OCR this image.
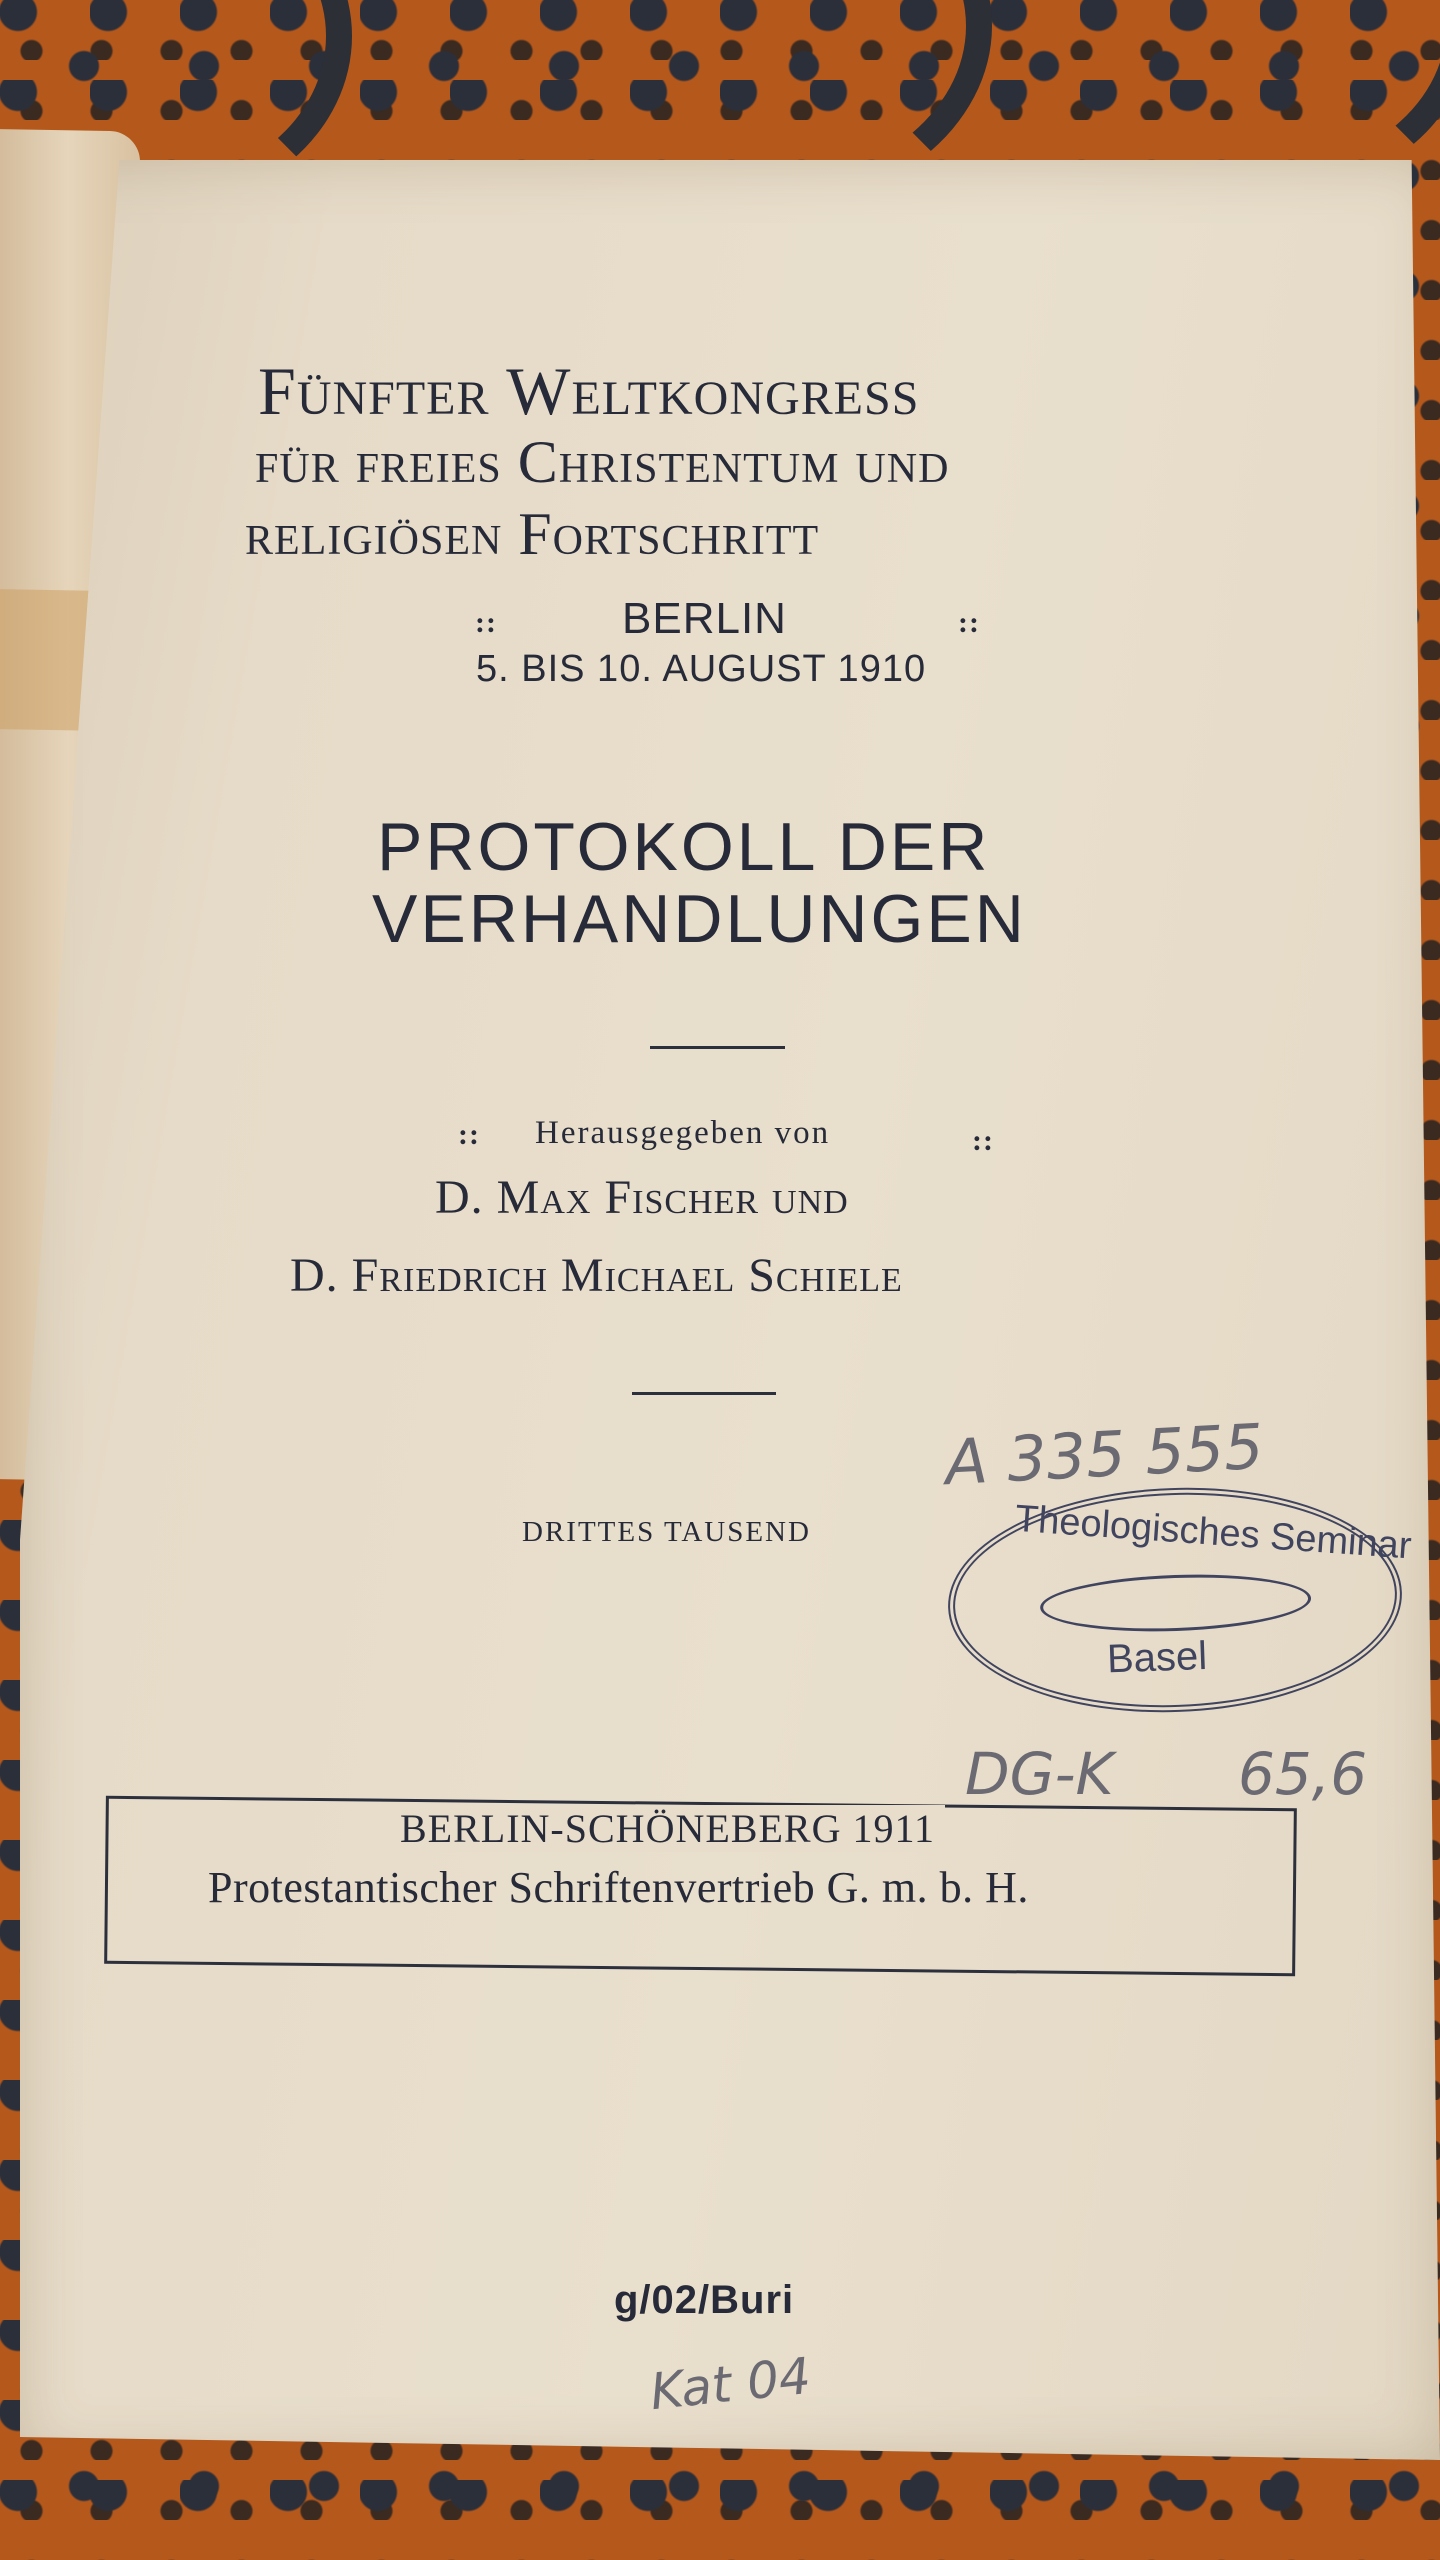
Fünfter Weltkongress
für freies Christentum und
religiösen Fortschritt
::	BERLIN	::
5. BIS 10. AUGUST 1910
PROTOKOLL DER
VERHANDLUNGEN
:: Herausgegeben von	::
D. Max Fischer und
D. Friedrich Michael Schiele
A 335 555
DRITTES TAUSEND	Theologisches Seminar
Basel
DG-K 65,6
BERLIN-SCHÖNEBERG 1911
Protestantischer Schriftenvertrieb G. m. b. H.
g/02/Buri
Kat 04
